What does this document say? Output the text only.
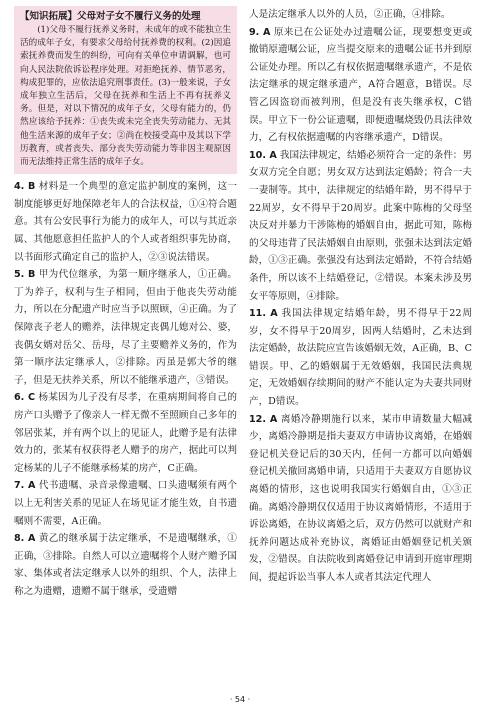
【知识拓展】父母对子女不履行义务的处理

(1)父母不履行抚养义务时，未成年的或不能独立生活的成年子女，有要求父母给付抚养费的权利。(2)因追索抚养费而发生的纠纷，可向有关单位申请调解，也可向人民法院依诉讼程序处理。对拒绝抚养、情节恶劣，构成犯罪的，应依法追究刑事责任。(3)一般来说，子女成年独立生活后，父母在抚养和生活上不再有抚养义务。但是，对以下情况的成年子女，父母有能力的，仍然应该给予抚养：①丧失或未完全丧失劳动能力、无其他生活来源的成年子女；②尚在校接受高中及其以下学历教育，或者丧失、部分丧失劳动能力等非因主观原因而无法维持正常生活的成年子女。

4. B 材料是一个典型的意定监护制度的案例，这一制度能够更好地保障老年人的合法权益，①④符合题意。其有公安民事行为能力的成年人，可以与其近亲属、其他愿意担任监护人的个人或者组织事先协商，以书面形式确定自己的监护人，②③说法错误。

5. B 甲为代位继承，为第一顺序继承人，①正确。丁为养子，权利与生子相同，但由于他丧失劳动能力，所以在分配遗产时应当予以照顾，④正确。为了保障丧子老人的赡养，法律规定丧偶儿媳对公、婆，丧偶女婿对岳父、岳母，尽了主要赡养义务的，作为第一顺序法定继承人，②排除。丙虽是郭大爷的继子，但是无扶养关系，所以不能继承遗产，③错误。

6. C 杨某因为儿子没有尽孝，在重病期间将自己的房产口头赠予了像亲人一样无微不至照顾自己多年的邻居张某，并有两个以上的见证人，此赠予是有法律效力的，张某有权获得老人赠予的房产，据此可以判定杨某的儿子不能继承杨某的房产，C正确。

7. A 代书遗嘱、录音录像遗嘱、口头遗嘱须有两个以上无利害关系的见证人在场见证才能生效，自书遗嘱则不需要，A正确。

8. A 黄乙的继承属于法定继承，不是遗嘱继承，①正确，③排除。自然人可以立遗嘱将个人财产赠予国家、集体或者法定继承人以外的组织、个人，法律上称之为遗赠，遗赠不属于继承，受遗赠

人是法定继承人以外的人员，②正确，④排除。

9. A 原来已在公证处办过遗嘱公证，现要想变更或撤销原遗嘱公证，应当提交原来的遗嘱公证书并到原公证处办理。所以乙有权依据遗嘱继承遗产，不是依法定继承的规定继承遗产，A符合题意，B错误。尽管乙因盗窃而被判刑，但是没有丧失继承权，C错误。甲立下一份公证遗嘱，即便遗嘱烧毁仍具法律效力，乙有权依据遗嘱的内容继承遗产，D错误。

10. A 我国法律规定，结婚必须符合一定的条件：男女双方完全自愿；男女双方达到法定婚龄；符合一夫一妻制等。其中，法律规定的结婚年龄，男不得早于22周岁，女不得早于20周岁。此案中陈梅的父母坚决反对并暴力干涉陈梅的婚姻自由，据此可知，陈梅的父母违背了民法婚姻自由原则，张强未达到法定婚龄，①③正确。张强没有达到法定婚龄，不符合结婚条件，所以该不上结婚登记，②错误。本案未涉及男女平等原则，④排除。

11. A 我国法律规定结婚年龄，男不得早于22周岁，女不得早于20周岁，因两人结婚时，乙未达到法定婚龄，故法院应宣告该婚姻无效，A正确，B、C错误。甲、乙的婚姻属于无效婚姻，我国民法典规定，无效婚姻存续期间的财产不能认定为夫妻共同财产，D错误。

12. A 离婚冷静期施行以来，某市申请数量大幅减少，离婚冷静期是指夫妻双方申请协议离婚，在婚姻登记机关登记后的30天内，任何一方都可以向婚姻登记机关撤回离婚申请，只适用于夫妻双方自愿协议离婚的情形，这也说明我国实行婚姻自由，①③正确。离婚冷静期仅仅适用于协议离婚情形，不适用于诉讼离婚，在协议离婚之后，双方仍然可以就财产和抚养问题达成补充协议，离婚证由婚姻登记机关颁发，②错误。自法院收到离婚登记申请到开庭审理期间，提起诉讼当事人本人或者其法定代理人

· 54 ·
